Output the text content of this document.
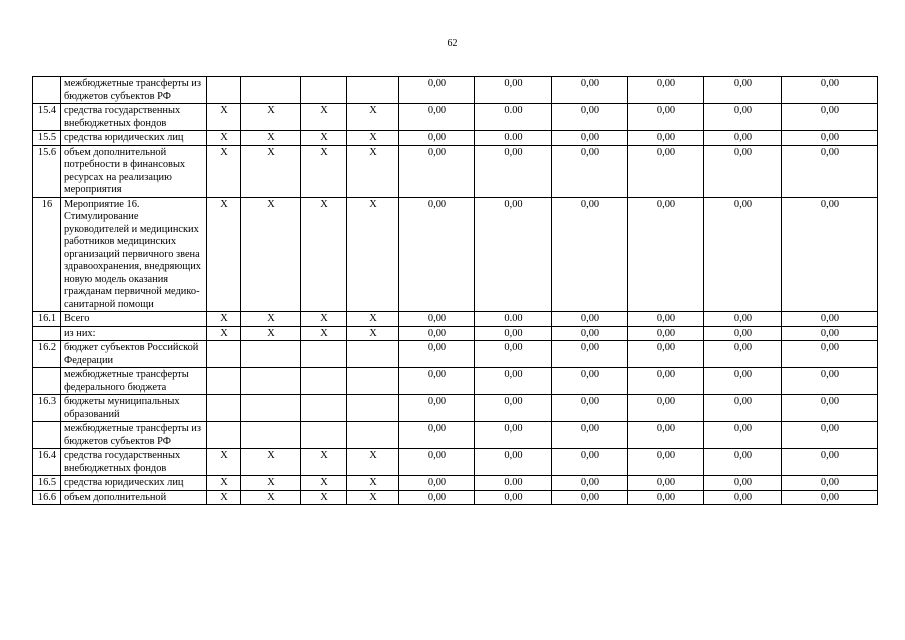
62
	межбюджетные трансферты из бюджетов субъектов РФ					0,00	0,00	0,00	0,00	0,00	0,00
15.4	средства государственных внебюджетных фондов	X	X	X	X	0,00	0.00	0,00	0,00	0,00	0,00
15.5	средства юридических лиц	X	X	X	X	0,00	0.00	0,00	0,00	0,00	0,00
15.6	объем дополнительной потребности в финансовых ресурсах на реализацию мероприятия	X	X	X	X	0,00	0,00	0,00	0,00	0,00	0,00
16	Мероприятие 16. Стимулирование руководителей и медицинских работников медицинских организаций первичного звена здравоохранения, внедряющих новую модель оказания гражданам первичной медико-санитарной помощи	X	X	X	X	0,00	0,00	0,00	0,00	0,00	0,00
16.1	Всего	X	X	X	X	0,00	0.00	0,00	0,00	0,00	0,00
	из них:	X	X	X	X	0,00	0,00	0,00	0,00	0,00	0,00
16.2	бюджет субъектов Российской Федерации					0,00	0,00	0,00	0,00	0,00	0,00
	межбюджетные трансферты федерального бюджета					0,00	0,00	0,00	0,00	0,00	0,00
16.3	бюджеты муниципальных образований					0,00	0,00	0,00	0,00	0,00	0,00
	межбюджетные трансферты из бюджетов субъектов РФ					0,00	0,00	0,00	0,00	0,00	0,00
16.4	средства государственных внебюджетных фондов	X	X	X	X	0,00	0,00	0,00	0,00	0,00	0,00
16.5	средства юридических лиц	X	X	X	X	0,00	0.00	0,00	0,00	0,00	0,00
16.6	объем дополнительной	X	X	X	X	0,00	0,00	0,00	0,00	0,00	0,00
